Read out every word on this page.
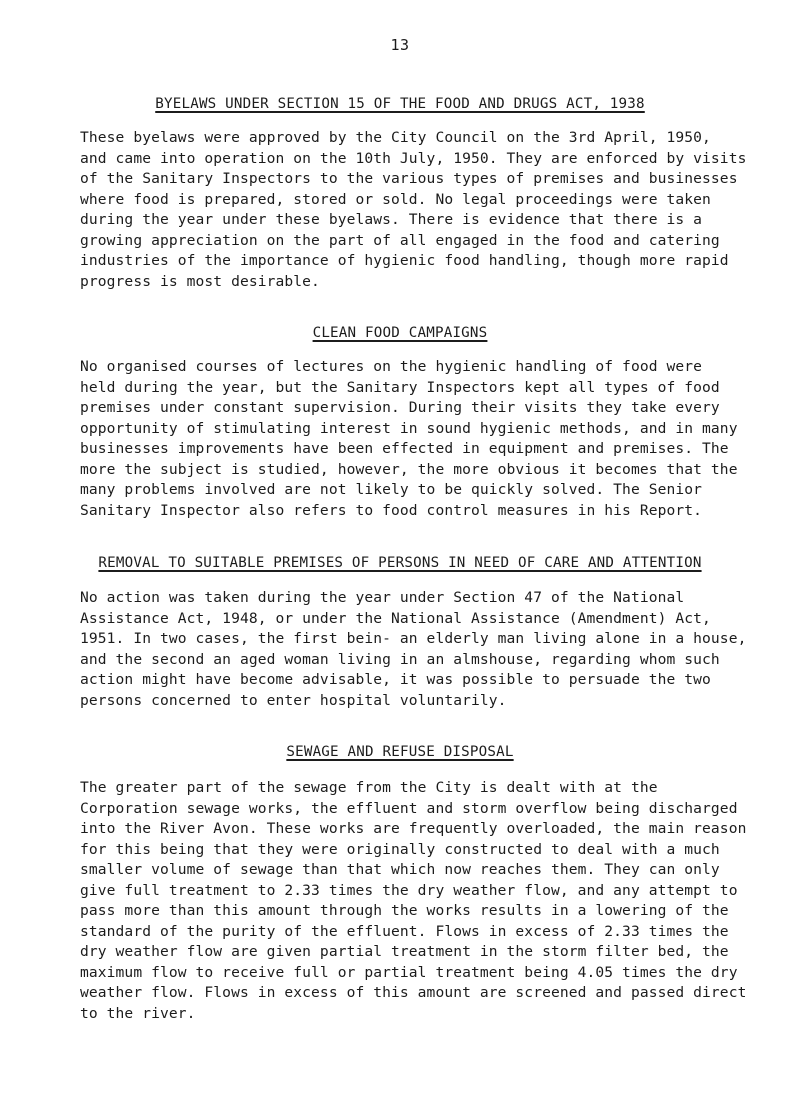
13
BYELAWS UNDER SECTION 15 OF THE FOOD AND DRUGS ACT, 1938
These byelaws were approved by the City Council on the 3rd April, 1950,
and came into operation on the 10th July, 1950. They are enforced by visits
of the Sanitary Inspectors to the various types of premises and businesses
where food is prepared, stored or sold. No legal proceedings were taken
during the year under these byelaws. There is evidence that there is a
growing appreciation on the part of all engaged in the food and catering
industries of the importance of hygienic food handling, though more rapid
progress is most desirable.
CLEAN FOOD CAMPAIGNS
No organised courses of lectures on the hygienic handling of food were
held during the year, but the Sanitary Inspectors kept all types of food
premises under constant supervision. During their visits they take every
opportunity of stimulating interest in sound hygienic methods, and in many
businesses improvements have been effected in equipment and premises. The
more the subject is studied, however, the more obvious it becomes that the
many problems involved are not likely to be quickly solved. The Senior
Sanitary Inspector also refers to food control measures in his Report.
REMOVAL TO SUITABLE PREMISES OF PERSONS IN NEED OF CARE AND ATTENTION
No action was taken during the year under Section 47 of the National
Assistance Act, 1948, or under the National Assistance (Amendment) Act,
1951. In two cases, the first bein- an elderly man living alone in a house,
and the second an aged woman living in an almshouse, regarding whom such
action might have become advisable, it was possible to persuade the two
persons concerned to enter hospital voluntarily.
SEWAGE AND REFUSE DISPOSAL
The greater part of the sewage from the City is dealt with at the
Corporation sewage works, the effluent and storm overflow being discharged
into the River Avon. These works are frequently overloaded, the main reason
for this being that they were originally constructed to deal with a much
smaller volume of sewage than that which now reaches them. They can only
give full treatment to 2.33 times the dry weather flow, and any attempt to
pass more than this amount through the works results in a lowering of the
standard of the purity of the effluent. Flows in excess of 2.33 times the
dry weather flow are given partial treatment in the storm filter bed, the
maximum flow to receive full or partial treatment being 4.05 times the dry
weather flow. Flows in excess of this amount are screened and passed direct
to the river.
